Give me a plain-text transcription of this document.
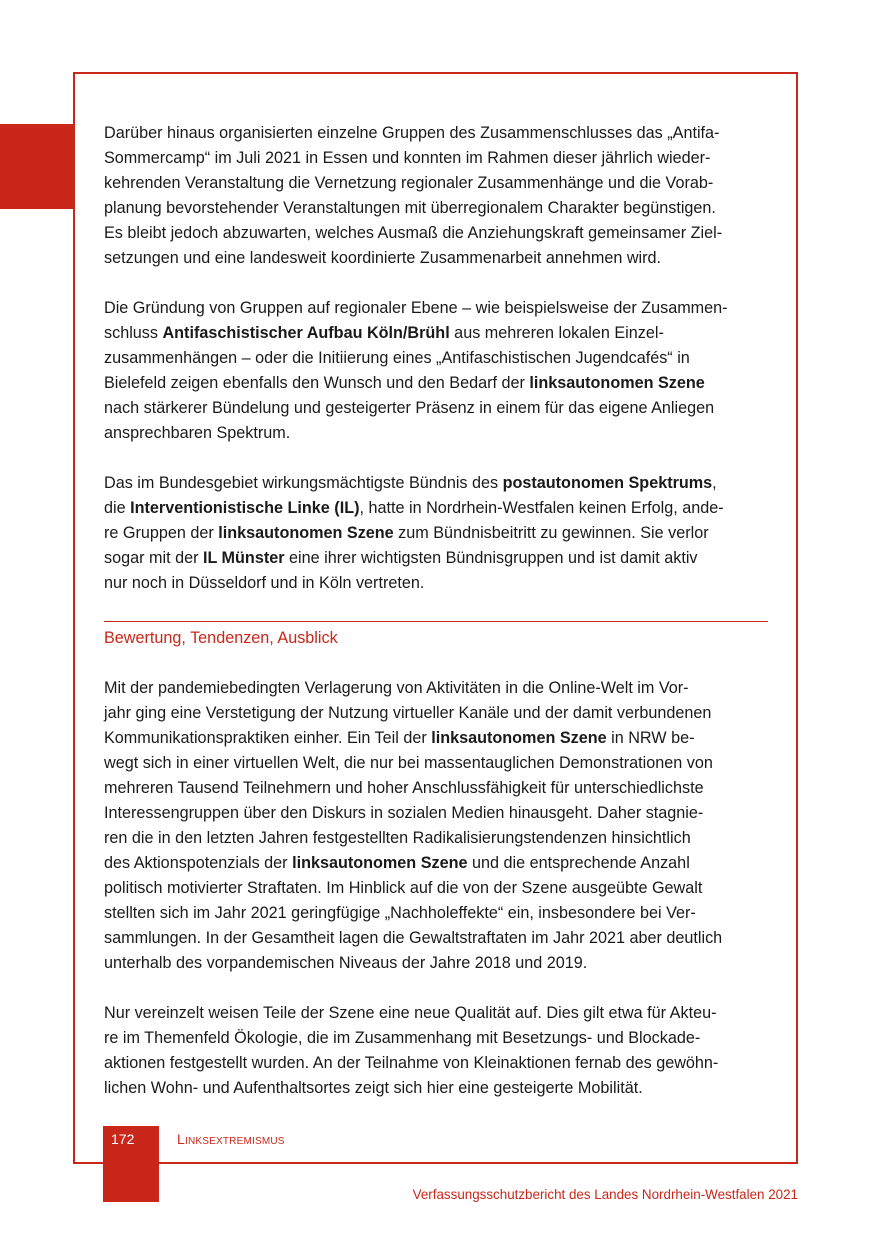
Darüber hinaus organisierten einzelne Gruppen des Zusammenschlusses das „Antifa-
Sommercamp“ im Juli 2021 in Essen und konnten im Rahmen dieser jährlich wieder-
kehrenden Veranstaltung die Vernetzung regionaler Zusammenhänge und die Vorab-
planung bevorstehender Veranstaltungen mit überregionalem Charakter begünstigen.
Es bleibt jedoch abzuwarten, welches Ausmaß die Anziehungskraft gemeinsamer Ziel-
setzungen und eine landesweit koordinierte Zusammenarbeit annehmen wird.

Die Gründung von Gruppen auf regionaler Ebene – wie beispielsweise der Zusammen-
schluss Antifaschistischer Aufbau Köln/Brühl aus mehreren lokalen Einzel-
zusammenhängen – oder die Initiierung eines „Antifaschistischen Jugendcafés“ in
Bielefeld zeigen ebenfalls den Wunsch und den Bedarf der linksautonomen Szene
nach stärkerer Bündelung und gesteigerter Präsenz in einem für das eigene Anliegen
ansprechbaren Spektrum.

Das im Bundesgebiet wirkungsmächtigste Bündnis des postautonomen Spektrums,
die Interventionistische Linke (IL), hatte in Nordrhein-Westfalen keinen Erfolg, ande-
re Gruppen der linksautonomen Szene zum Bündnisbeitritt zu gewinnen. Sie verlor
sogar mit der IL Münster eine ihrer wichtigsten Bündnisgruppen und ist damit aktiv
nur noch in Düsseldorf und in Köln vertreten.

Bewertung, Tendenzen, Ausblick

Mit der pandemiebedingten Verlagerung von Aktivitäten in die Online-Welt im Vor-
jahr ging eine Verstetigung der Nutzung virtueller Kanäle und der damit verbundenen
Kommunikationspraktiken einher. Ein Teil der linksautonomen Szene in NRW be-
wegt sich in einer virtuellen Welt, die nur bei massentauglichen Demonstrationen von
mehreren Tausend Teilnehmern und hoher Anschlussfähigkeit für unterschiedlichste
Interessengruppen über den Diskurs in sozialen Medien hinausgeht. Daher stagnie-
ren die in den letzten Jahren festgestellten Radikalisierungstendenzen hinsichtlich
des Aktionspotenzials der linksautonomen Szene und die entsprechende Anzahl
politisch motivierter Straftaten. Im Hinblick auf die von der Szene ausgeübte Gewalt
stellten sich im Jahr 2021 geringfügige „Nachholeffekte“ ein, insbesondere bei Ver-
sammlungen. In der Gesamtheit lagen die Gewaltstraftaten im Jahr 2021 aber deutlich
unterhalb des vorpandemischen Niveaus der Jahre 2018 und 2019.

Nur vereinzelt weisen Teile der Szene eine neue Qualität auf. Dies gilt etwa für Akteu-
re im Themenfeld Ökologie, die im Zusammenhang mit Besetzungs- und Blockade-
aktionen festgestellt wurden. An der Teilnahme von Kleinaktionen fernab des gewöhn-
lichen Wohn- und Aufenthaltsortes zeigt sich hier eine gesteigerte Mobilität.

172	Linksextremismus
Verfassungsschutzbericht des Landes Nordrhein-Westfalen 2021
